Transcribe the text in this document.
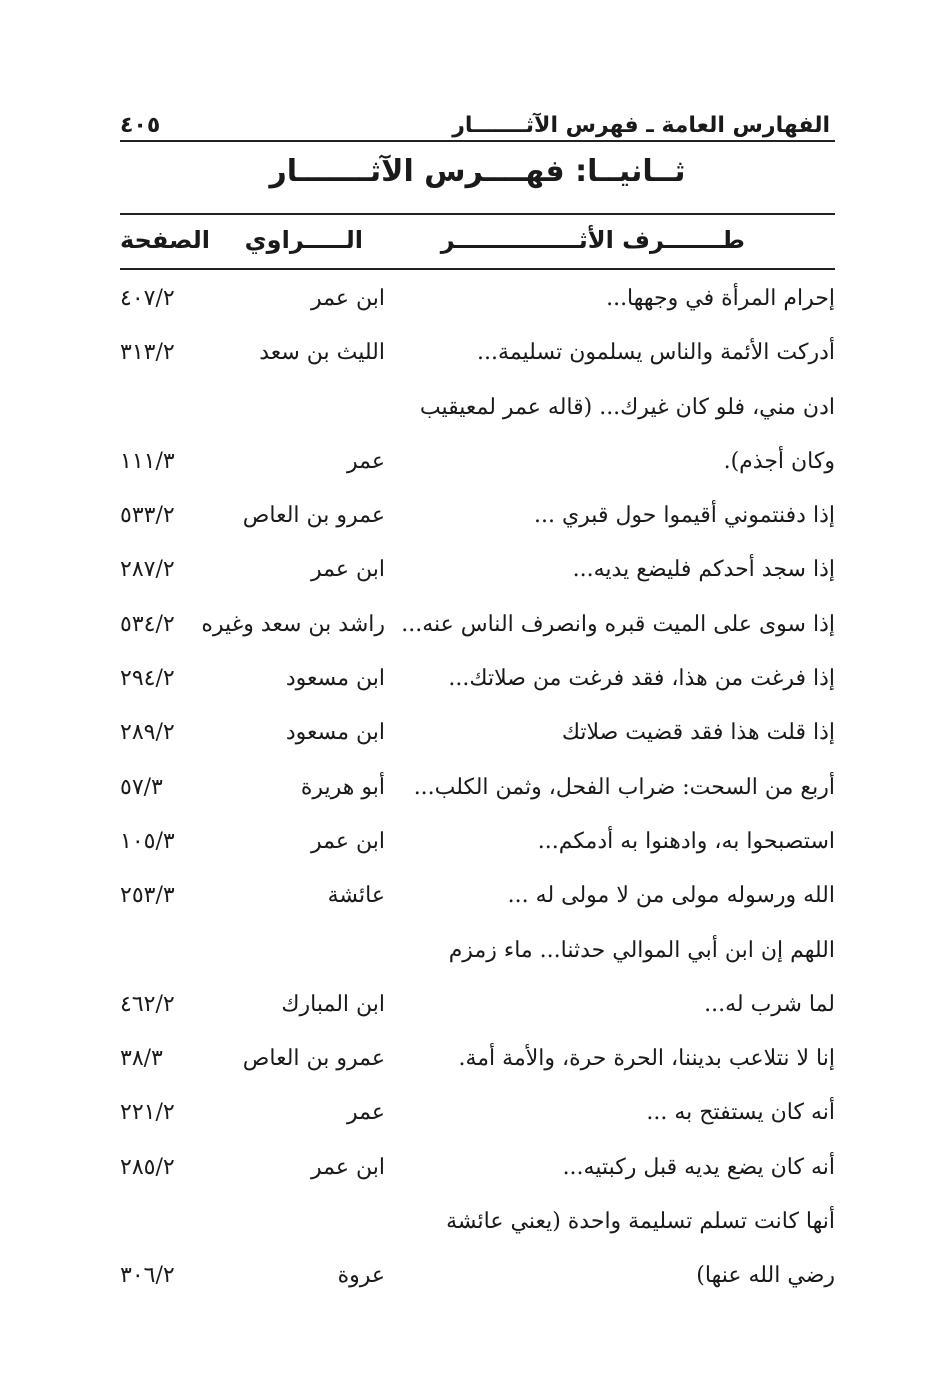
الفهارس العامة ـ فهرس الآثـــــــار
٤٠٥
ثــانيــا: فهــــرس الآثـــــــار
طـــــــرف الأثـــــــــــــــر
الـــــراوي
الصفحة
إحرام المرأة في وجهها...
ابن عمر
٤٠٧/٢
أدركت الأئمة والناس يسلمون تسليمة...
الليث بن سعد
٣١٣/٢
ادن مني، فلو كان غيرك... (قاله عمر لمعيقيب
وكان أجذم).
عمر
١١١/٣
إذا دفنتموني أقيموا حول قبري ...
عمرو بن العاص
٥٣٣/٢
إذا سجد أحدكم فليضع يديه...
ابن عمر
٢٨٧/٢
إذا سوى على الميت قبره وانصرف الناس عنه...
راشد بن سعد وغيره
٥٣٤/٢
إذا فرغت من هذا، فقد فرغت من صلاتك...
ابن مسعود
٢٩٤/٢
إذا قلت هذا فقد قضيت صلاتك
ابن مسعود
٢٨٩/٢
أربع من السحت: ضراب الفحل، وثمن الكلب...
أبو هريرة
٥٧/٣
استصبحوا به، وادهنوا به أدمكم...
ابن عمر
١٠٥/٣
الله ورسوله مولى من لا مولى له ...
عائشة
٢٥٣/٣
اللهم إن ابن أبي الموالي حدثنا... ماء زمزم
لما شرب له...
ابن المبارك
٤٦٢/٢
إنا لا نتلاعب بديننا، الحرة حرة، والأمة أمة.
عمرو بن العاص
٣٨/٣
أنه كان يستفتح به ...
عمر
٢٢١/٢
أنه كان يضع يديه قبل ركبتيه...
ابن عمر
٢٨٥/٢
أنها كانت تسلم تسليمة واحدة (يعني عائشة
رضي الله عنها)
عروة
٣٠٦/٢
